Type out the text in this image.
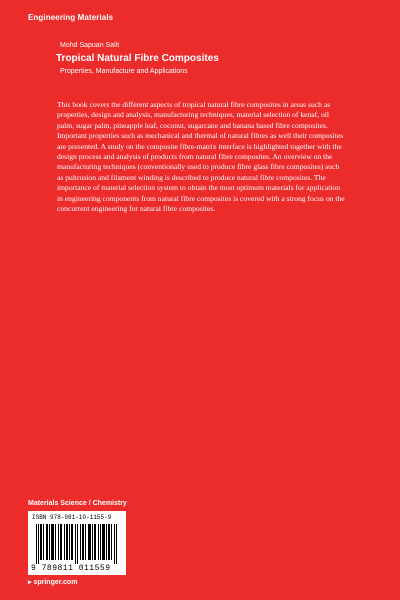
Engineering Materials
Mohd Sapuan Salit
Tropical Natural Fibre Composites
Properties, Manufacture and Applications

This book covers the different aspects of tropical natural fibre composites in areas such as properties, design and analysis, manufacturing techniques, material selection of kenaf, oil palm, sugar palm, pineapple leaf, coconut, sugarcane and banana based fibre composites. Important properties such as mechanical and thermal of natural fibres as well their composites are presented. A study on the composite fibre-matrix interface is highlighted together with the design process and analysis of products from natural fibre composites. An overview on the manufacturing techniques (conventionally used to produce fibre glass fibre composites) such as pultrusion and filament winding is described to produce natural fibre composites. The importance of material selection system to obtain the most optimum materials for application in engineering components from natural fibre composites is covered with a strong focus on the concurrent engineering for natural fibre composites.

Materials Science / Chemistry
ISBN 978-981-10-1155-9
9 789811 011559
▸ springer.com
